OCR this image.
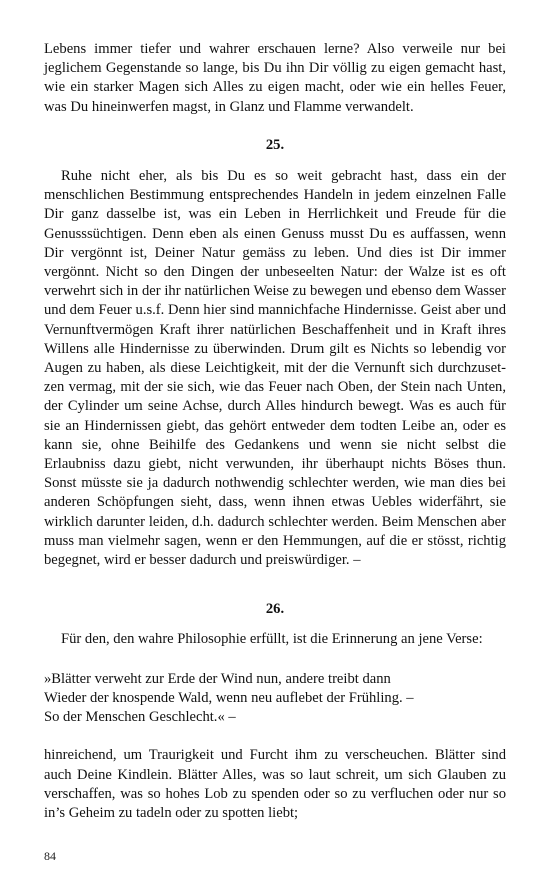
Lebens immer tiefer und wahrer erschauen lerne? Also verweile nur bei jeglichem Gegenstande so lange, bis Du ihn Dir völlig zu eigen gemacht hast, wie ein starker Magen sich Alles zu eigen macht, oder wie ein helles Feuer, was Du hineinwerfen magst, in Glanz und Flamme verwandelt.

25.

Ruhe nicht eher, als bis Du es so weit gebracht hast, dass ein der menschlichen Bestimmung entsprechendes Handeln in jedem einzelnen Falle Dir ganz dasselbe ist, was ein Leben in Herrlichkeit und Freude für die Genusssüchtigen. Denn eben als einen Genuss musst Du es auffassen, wenn Dir vergönnt ist, Deiner Natur gemäss zu leben. Und dies ist Dir immer vergönnt. Nicht so den Dingen der unbeseelten Natur: der Walze ist es oft verwehrt sich in der ihr natürlichen Weise zu bewegen und ebenso dem Wasser und dem Feuer u.s.f. Denn hier sind mannichfache Hindernisse. Geist aber und Vernunftvermögen Kraft ihrer natürlichen Beschaffenheit und in Kraft ihres Willens alle Hindernisse zu überwinden. Drum gilt es Nichts so lebendig vor Augen zu haben, als diese Leichtigkeit, mit der die Vernunft sich durchzusetzen vermag, mit der sie sich, wie das Feuer nach Oben, der Stein nach Unten, der Cylinder um seine Achse, durch Alles hindurch bewegt. Was es auch für sie an Hindernissen giebt, das gehört entweder dem todten Leibe an, oder es kann sie, ohne Beihilfe des Gedankens und wenn sie nicht selbst die Erlaubniss dazu giebt, nicht verwunden, ihr überhaupt nichts Böses thun. Sonst müsste sie ja dadurch nothwendig schlechter werden, wie man dies bei anderen Schöpfungen sieht, dass, wenn ihnen etwas Uebles widerfährt, sie wirklich darunter leiden, d.h. dadurch schlechter werden. Beim Menschen aber muss man vielmehr sagen, wenn er den Hemmungen, auf die er stösst, richtig begegnet, wird er besser dadurch und preiswürdiger. –

26.

Für den, den wahre Philosophie erfüllt, ist die Erinnerung an jene Verse:

»Blätter verweht zur Erde der Wind nun, andere treibt dann
Wieder der knospende Wald, wenn neu auflebet der Frühling. –
So der Menschen Geschlecht.« –

hinreichend, um Traurigkeit und Furcht ihm zu verscheuchen. Blätter sind auch Deine Kindlein. Blätter Alles, was so laut schreit, um sich Glauben zu verschaffen, was so hohes Lob zu spenden oder so zu verfluchen oder nur so in’s Geheim zu tadeln oder zu spotten liebt;

84
